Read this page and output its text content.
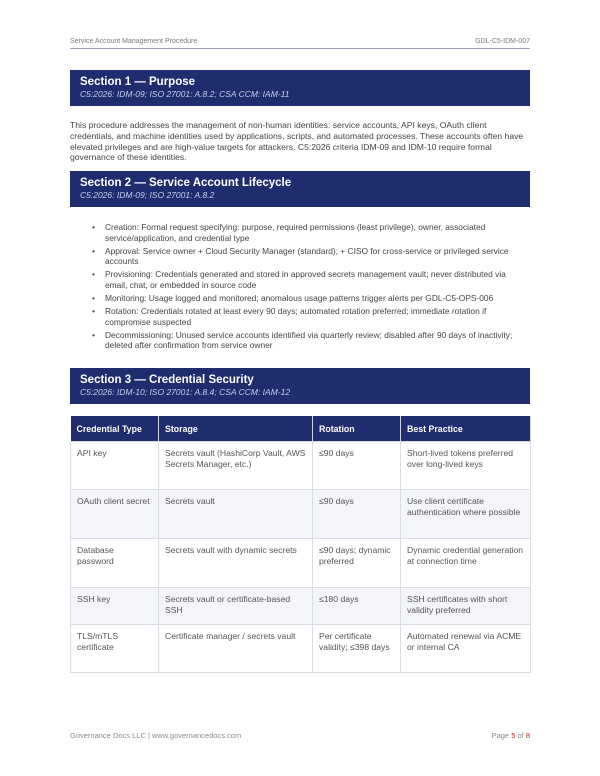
Service Account Management Procedure	GDL-C5-IDM-007
Section 1 — Purpose
C5:2026: IDM-09; ISO 27001: A.8.2; CSA CCM: IAM-11
This procedure addresses the management of non-human identities: service accounts, API keys, OAuth client credentials, and machine identities used by applications, scripts, and automated processes. These accounts often have elevated privileges and are high-value targets for attackers. C5:2026 criteria IDM-09 and IDM-10 require formal governance of these identities.
Section 2 — Service Account Lifecycle
C5:2026: IDM-09; ISO 27001: A.8.2
• Creation: Formal request specifying: purpose, required permissions (least privilege), owner, associated service/application, and credential type
• Approval: Service owner + Cloud Security Manager (standard); + CISO for cross-service or privileged service accounts
• Provisioning: Credentials generated and stored in approved secrets management vault; never distributed via email, chat, or embedded in source code
• Monitoring: Usage logged and monitored; anomalous usage patterns trigger alerts per GDL-C5-OPS-006
• Rotation: Credentials rotated at least every 90 days; automated rotation preferred; immediate rotation if compromise suspected
• Decommissioning: Unused service accounts identified via quarterly review; disabled after 90 days of inactivity; deleted after confirmation from service owner
Section 3 — Credential Security
C5:2026: IDM-10; ISO 27001: A.8.4; CSA CCM: IAM-12
Credential Type	Storage	Rotation	Best Practice
API key	Secrets vault (HashiCorp Vault, AWS Secrets Manager, etc.)	≤90 days	Short-lived tokens preferred over long-lived keys
OAuth client secret	Secrets vault	≤90 days	Use client certificate authentication where possible
Database password	Secrets vault with dynamic secrets	≤90 days; dynamic preferred	Dynamic credential generation at connection time
SSH key	Secrets vault or certificate-based SSH	≤180 days	SSH certificates with short validity preferred
TLS/mTLS certificate	Certificate manager / secrets vault	Per certificate validity; ≤398 days	Automated renewal via ACME or internal CA
Governance Docs LLC | www.governancedocs.com	Page 5 of 8
